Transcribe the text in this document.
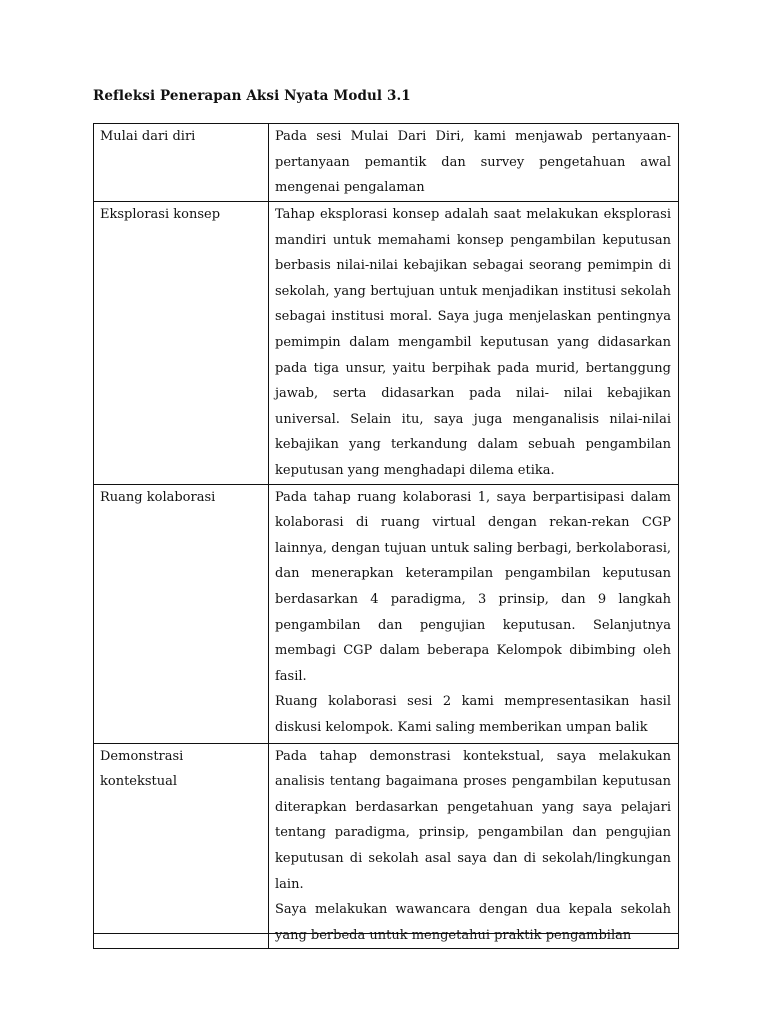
Refleksi Penerapan Aksi Nyata Modul 3.1
Mulai dari diri	Pada sesi Mulai Dari Diri, kami menjawab pertanyaan-pertanyaan pemantik dan survey pengetahuan awal mengenai pengalaman

Eksplorasi konsep	Tahap eksplorasi konsep adalah saat melakukan eksplorasi mandiri untuk memahami konsep pengambilan keputusan berbasis nilai-nilai kebajikan sebagai seorang pemimpin di sekolah, yang bertujuan untuk menjadikan institusi sekolah sebagai institusi moral. Saya juga menjelaskan pentingnya pemimpin dalam mengambil keputusan yang didasarkan pada tiga unsur, yaitu berpihak pada murid, bertanggung jawab, serta didasarkan pada nilai- nilai kebajikan universal. Selain itu, saya juga menganalisis nilai-nilai kebajikan yang terkandung dalam sebuah pengambilan keputusan yang menghadapi dilema etika.

Ruang kolaborasi	Pada tahap ruang kolaborasi 1, saya berpartisipasi dalam kolaborasi di ruang virtual dengan rekan-rekan CGP lainnya, dengan tujuan untuk saling berbagi, berkolaborasi, dan menerapkan keterampilan pengambilan keputusan berdasarkan 4 paradigma, 3 prinsip, dan 9 langkah pengambilan dan pengujian keputusan. Selanjutnya membagi CGP dalam beberapa Kelompok dibimbing oleh fasil.

Ruang kolaborasi sesi 2 kami mempresentasikan hasil diskusi kelompok. Kami saling memberikan umpan balik

Demonstrasi kontekstual	Pada tahap demonstrasi kontekstual, saya melakukan analisis tentang bagaimana proses pengambilan keputusan diterapkan berdasarkan pengetahuan yang saya pelajari tentang paradigma, prinsip, pengambilan dan pengujian keputusan di sekolah asal saya dan di sekolah/lingkungan lain.

Saya melakukan wawancara dengan dua kepala sekolah yang berbeda untuk mengetahui praktik pengambilan
